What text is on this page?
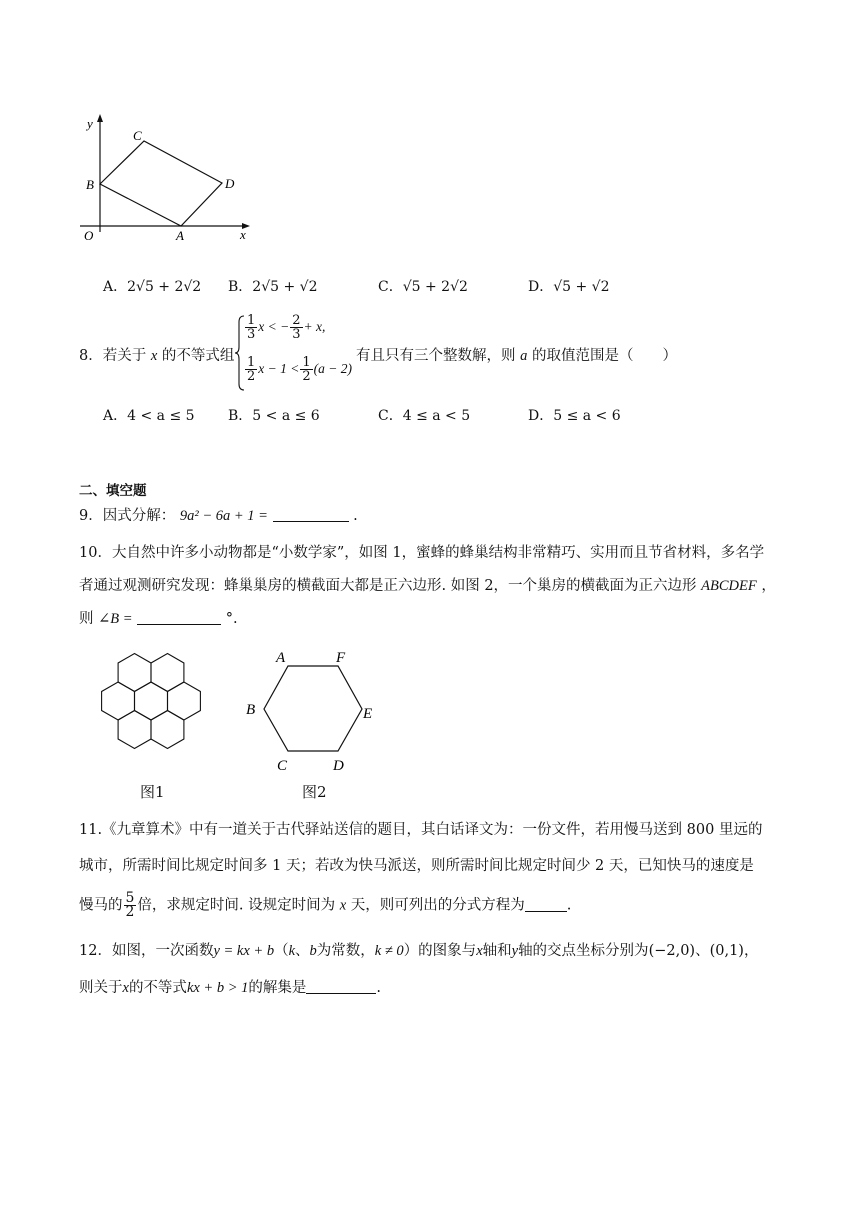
y
x
O	A
B
C
D
A．2√5 + 2√2 B．2√5 + √2	C．√5 + 2√2	D．√5 + √2
8．若关于 x 的不等式组
$\frac{1}{3}$ x < − $\frac{2}{3} + x$,
$\frac{1}{2}$ $x - 1 < \frac{1}{2} (a - 2)$
有且只有三个整数解，则 a 的取值范围是（　　）
A．4 < a ≤ 5 B．5 < a ≤ 6	C．4 ≤ a < 5	D．5 ≤ a < 6
二、填空题
9．因式分解： 9a² − 6a + 1 =	.
10．大自然中许多小动物都是“小数学家”，如图 1，蜜蜂的蜂巢结构非常精巧、实用而且节省材料，多名学
者通过观测研究发现：蜂巢巢房的横截面大都是正六边形. 如图 2，一个巢房的横截面为正六边形 ABCDEF ，
则 ∠B =	°.
图1
A	F
B	E
C	D
图2
11.《九章算术》中有一道关于古代驿站送信的题目，其白话译文为：一份文件，若用慢马送到 800 里远的
城市，所需时间比规定时间多 1 天；若改为快马派送，则所需时间比规定时间少 2 天，已知快马的速度是
慢马的 $\frac{5}{2}$ 倍，求规定时间. 设规定时间为 x 天，则可列出的分式方程为	.
12．如图，一次函数y = kx + b（k、b为常数，k ≠ 0）的图象与x轴和y轴的交点坐标分别为(−2,0)、(0,1)，
则关于x的不等式kx + b > 1的解集是	.
